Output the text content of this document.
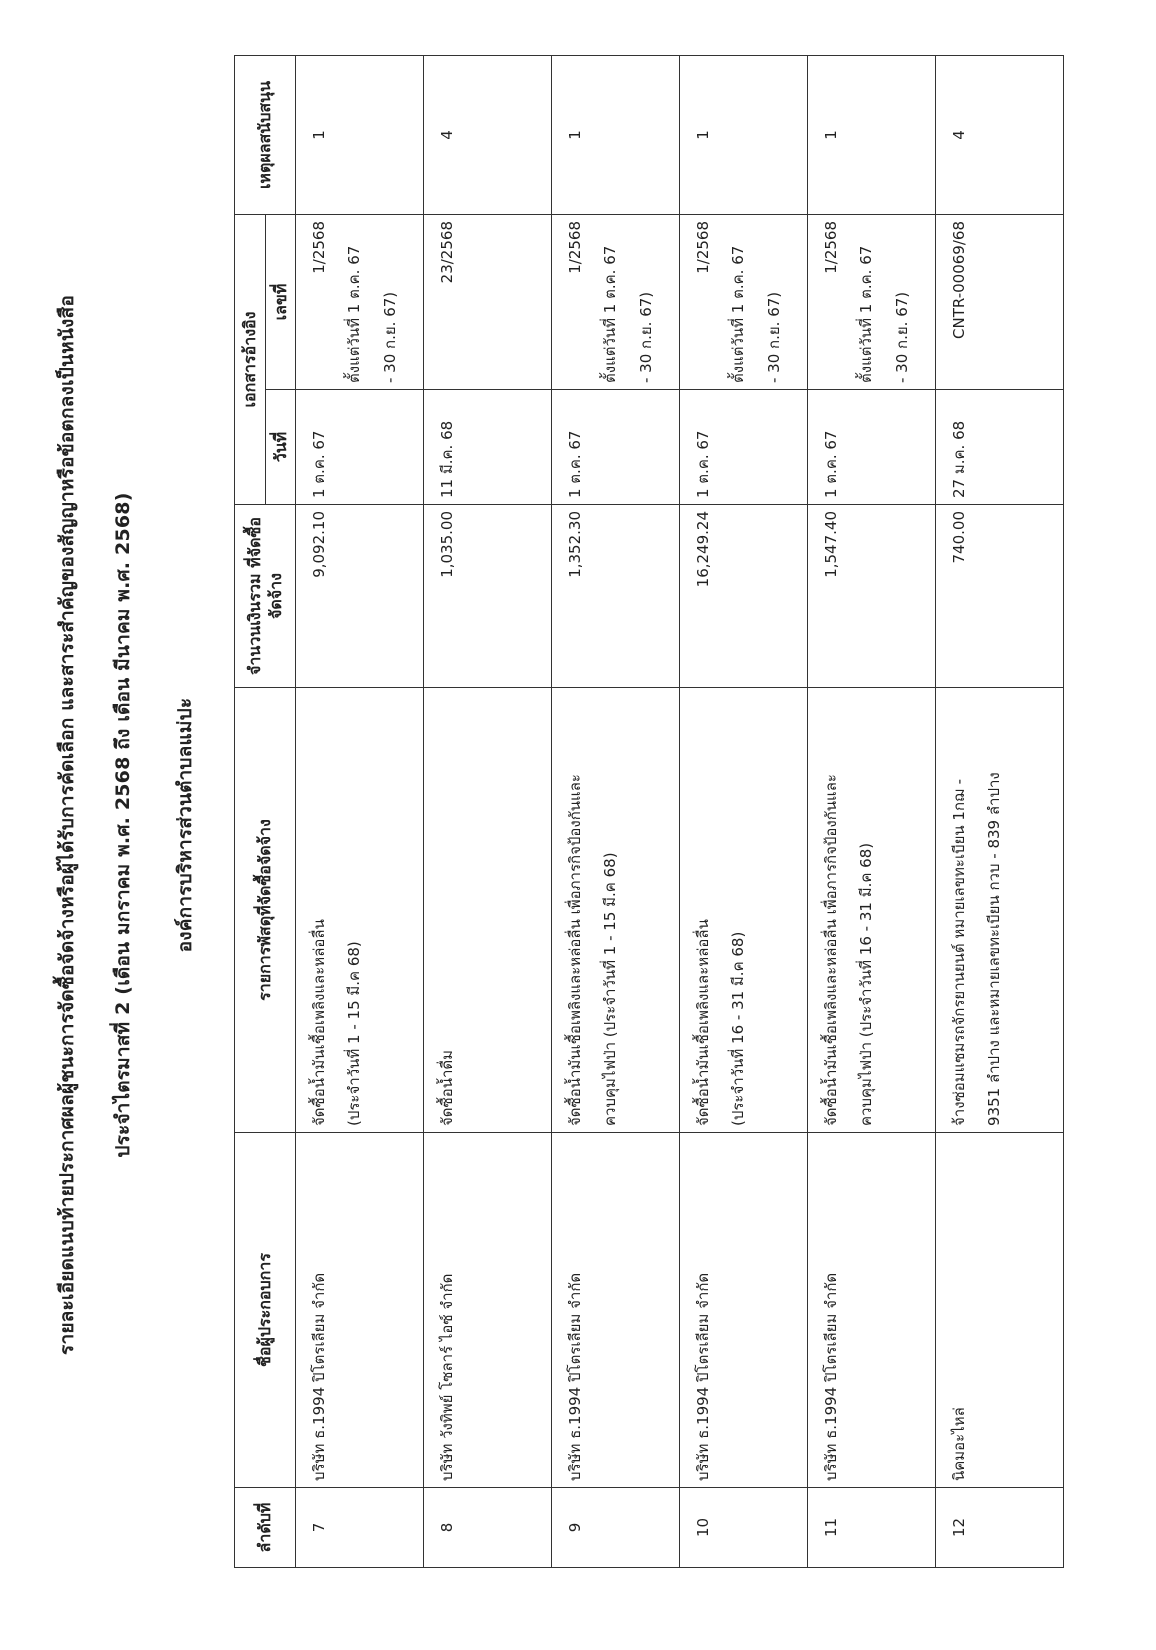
รายละเอียดแนบท้ายประกาศผลผู้ชนะการจัดซื้อจัดจ้างหรือผู้ได้รับการคัดเลือก และสาระสำคัญของสัญญาหรือข้อตกลงเป็นหนังสือ ประจำไตรมาสที่ 2 (เดือน มกราคม พ.ศ. 2568 ถึง เดือน มีนาคม พ.ศ. 2568) องค์การบริหารส่วนตำบลแม่ปะ
ลำดับที่	ชื่อผู้ประกอบการ	รายการพัสดุที่จัดซื้อจัดจ้าง	จำนวนเงินรวม ที่จัดซื้อจัดจ้าง	เอกสารอ้างอิง		เหตุผลสนับสนุน
				วันที่	เลขที่	
7	บริษัท ธ.1994 ปิโตรเลียม จำกัด	จัดซื้อน้ำมันเชื้อเพลิงและหล่อลื่น (ประจำวันที่ 1 - 15 มี.ค 68)	9,092.10	1 ต.ค. 67	1/2568 ตั้งแต่วันที่ 1 ต.ค. 67 - 30 ก.ย. 67)	1
8	บริษัท วังทิพย์ โซลาร์ ไอซ์ จำกัด	จัดซื้อน้ำดื่ม	1,035.00	11 มี.ค. 68	23/2568	4
9	บริษัท ธ.1994 ปิโตรเลียม จำกัด	จัดซื้อน้ำมันเชื้อเพลิงและหล่อลื่น เพื่อภารกิจป้องกันและ ควบคุมไฟป่า (ประจำวันที่ 1 - 15 มี.ค 68)	1,352.30	1 ต.ค. 67	1/2568 ตั้งแต่วันที่ 1 ต.ค. 67 - 30 ก.ย. 67)	1
10	บริษัท ธ.1994 ปิโตรเลียม จำกัด	จัดซื้อน้ำมันเชื้อเพลิงและหล่อลื่น (ประจำวันที่ 16 - 31 มี.ค 68)	16,249.24	1 ต.ค. 67	1/2568 ตั้งแต่วันที่ 1 ต.ค. 67 - 30 ก.ย. 67)	1
11	บริษัท ธ.1994 ปิโตรเลียม จำกัด	จัดซื้อน้ำมันเชื้อเพลิงและหล่อลื่น เพื่อภารกิจป้องกันและ ควบคุมไฟป่า (ประจำวันที่ 16 - 31 มี.ค 68)	1,547.40	1 ต.ค. 67	1/2568 ตั้งแต่วันที่ 1 ต.ค. 67 - 30 ก.ย. 67)	1
12	นิคมอะไหล่	จ้างซ่อมแซมรถจักรยานยนต์ หมายเลขทะเบียน 1กฌ - 9351 ลำปาง และหมายเลขทะเบียน กวบ - 839 ลำปาง	740.00	27 ม.ค. 68	CNTR-00069/68	4
